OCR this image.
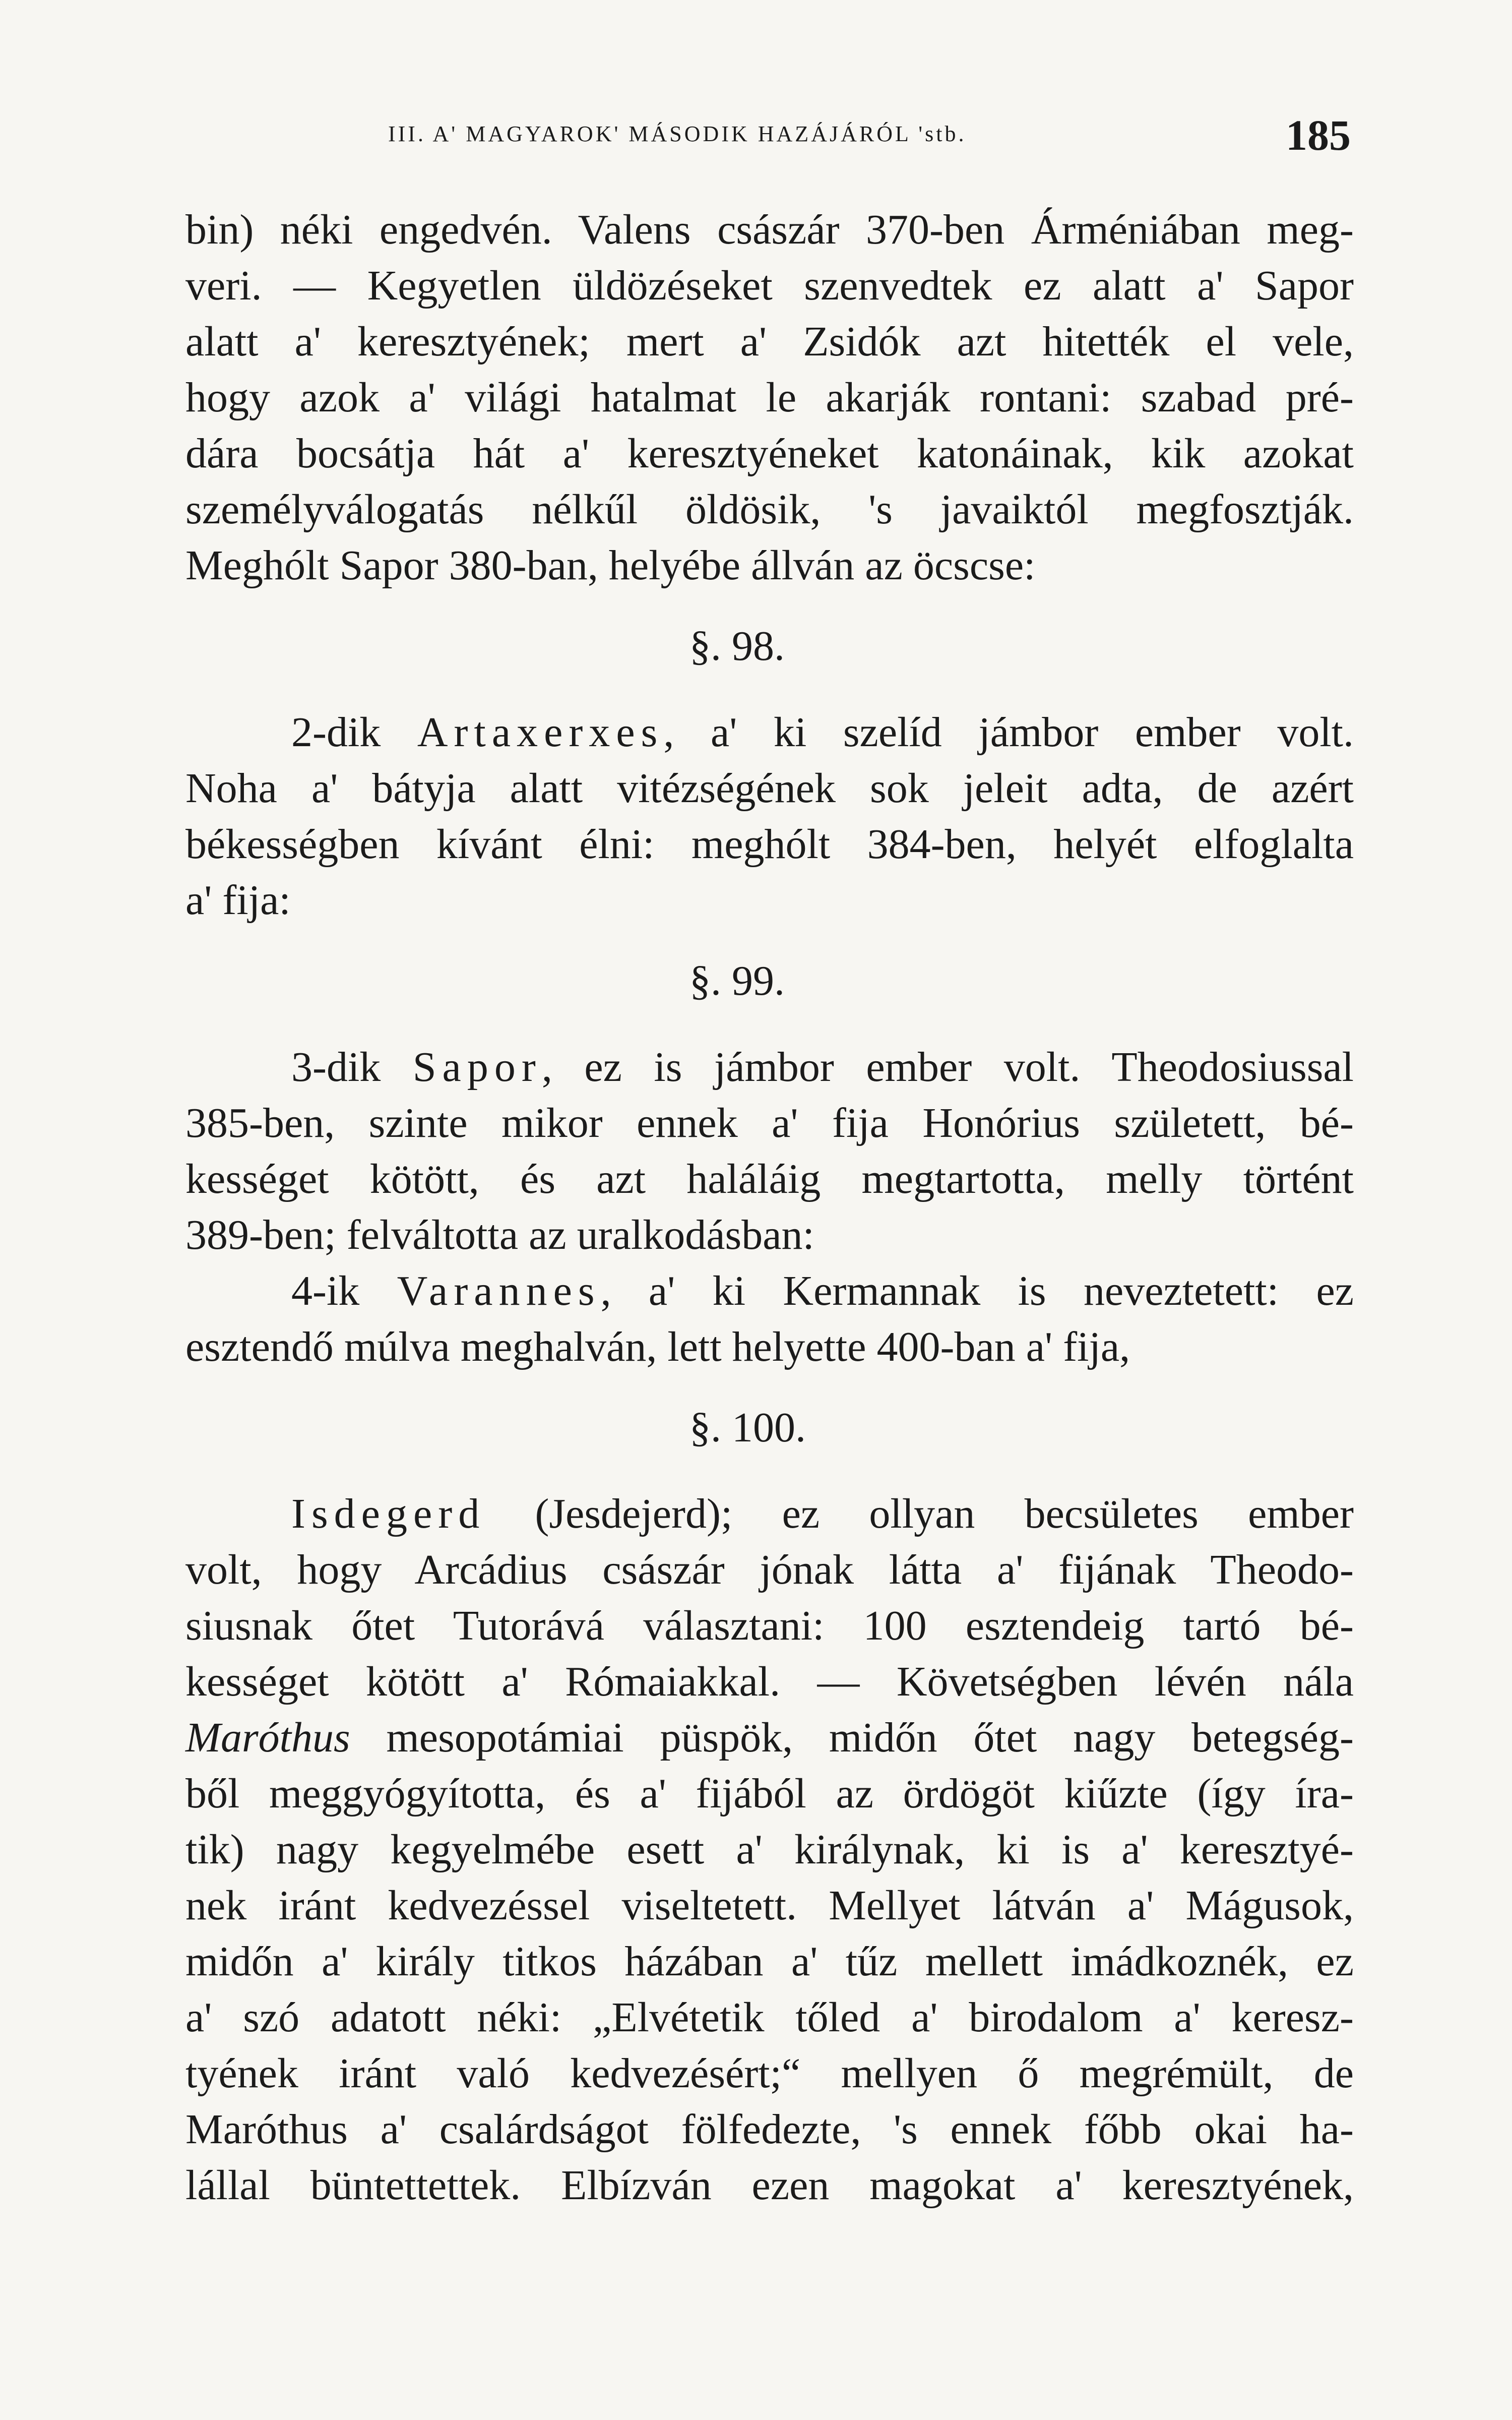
III. A' MAGYAROK' MÁSODIK HAZÁJÁRÓL 'stb.	185
bin) néki engedvén. Valens császár 370-ben Árméniában meg-
veri. — Kegyetlen üldözéseket szenvedtek ez alatt a' Sapor
alatt a' keresztyének; mert a' Zsidók azt hitették el vele,
hogy azok a' világi hatalmat le akarják rontani: szabad pré-
dára bocsátja hát a' keresztyéneket katonáinak, kik azokat
személyválogatás nélkűl öldösik, 's javaiktól megfosztják.
Meghólt Sapor 380-ban, helyébe állván az öcscse:
§. 98.
2-dik Artaxerxes, a' ki szelíd jámbor ember volt.
Noha a' bátyja alatt vitézségének sok jeleit adta, de azért
békességben kívánt élni: meghólt 384-ben, helyét elfoglalta
a' fija:
§. 99.
3-dik Sapor, ez is jámbor ember volt. Theodosiussal
385-ben, szinte mikor ennek a' fija Honórius született, bé-
kességet kötött, és azt haláláig megtartotta, melly történt
389-ben; felváltotta az uralkodásban:
4-ik Varannes, a' ki Kermannak is neveztetett: ez
esztendő múlva meghalván, lett helyette 400-ban a' fija,
§. 100.
Isdegerd (Jesdejerd); ez ollyan becsületes ember
volt, hogy Arcádius császár jónak látta a' fijának Theodo-
siusnak őtet Tutorává választani: 100 esztendeig tartó bé-
kességet kötött a' Rómaiakkal. — Követségben lévén nála
Maróthus mesopotámiai püspök, midőn őtet nagy betegség-
ből meggyógyította, és a' fijából az ördögöt kiűzte (így íra-
tik) nagy kegyelmébe esett a' királynak, ki is a' keresztyé-
nek iránt kedvezéssel viseltetett. Mellyet látván a' Mágusok,
midőn a' király titkos házában a' tűz mellett imádkoznék, ez
a' szó adatott néki: „Elvétetik tőled a' birodalom a' keresz-
tyének iránt való kedvezésért;“ mellyen ő megrémült, de
Maróthus a' csalárdságot fölfedezte, 's ennek főbb okai ha-
lállal büntettettek. Elbízván ezen magokat a' keresztyének,
